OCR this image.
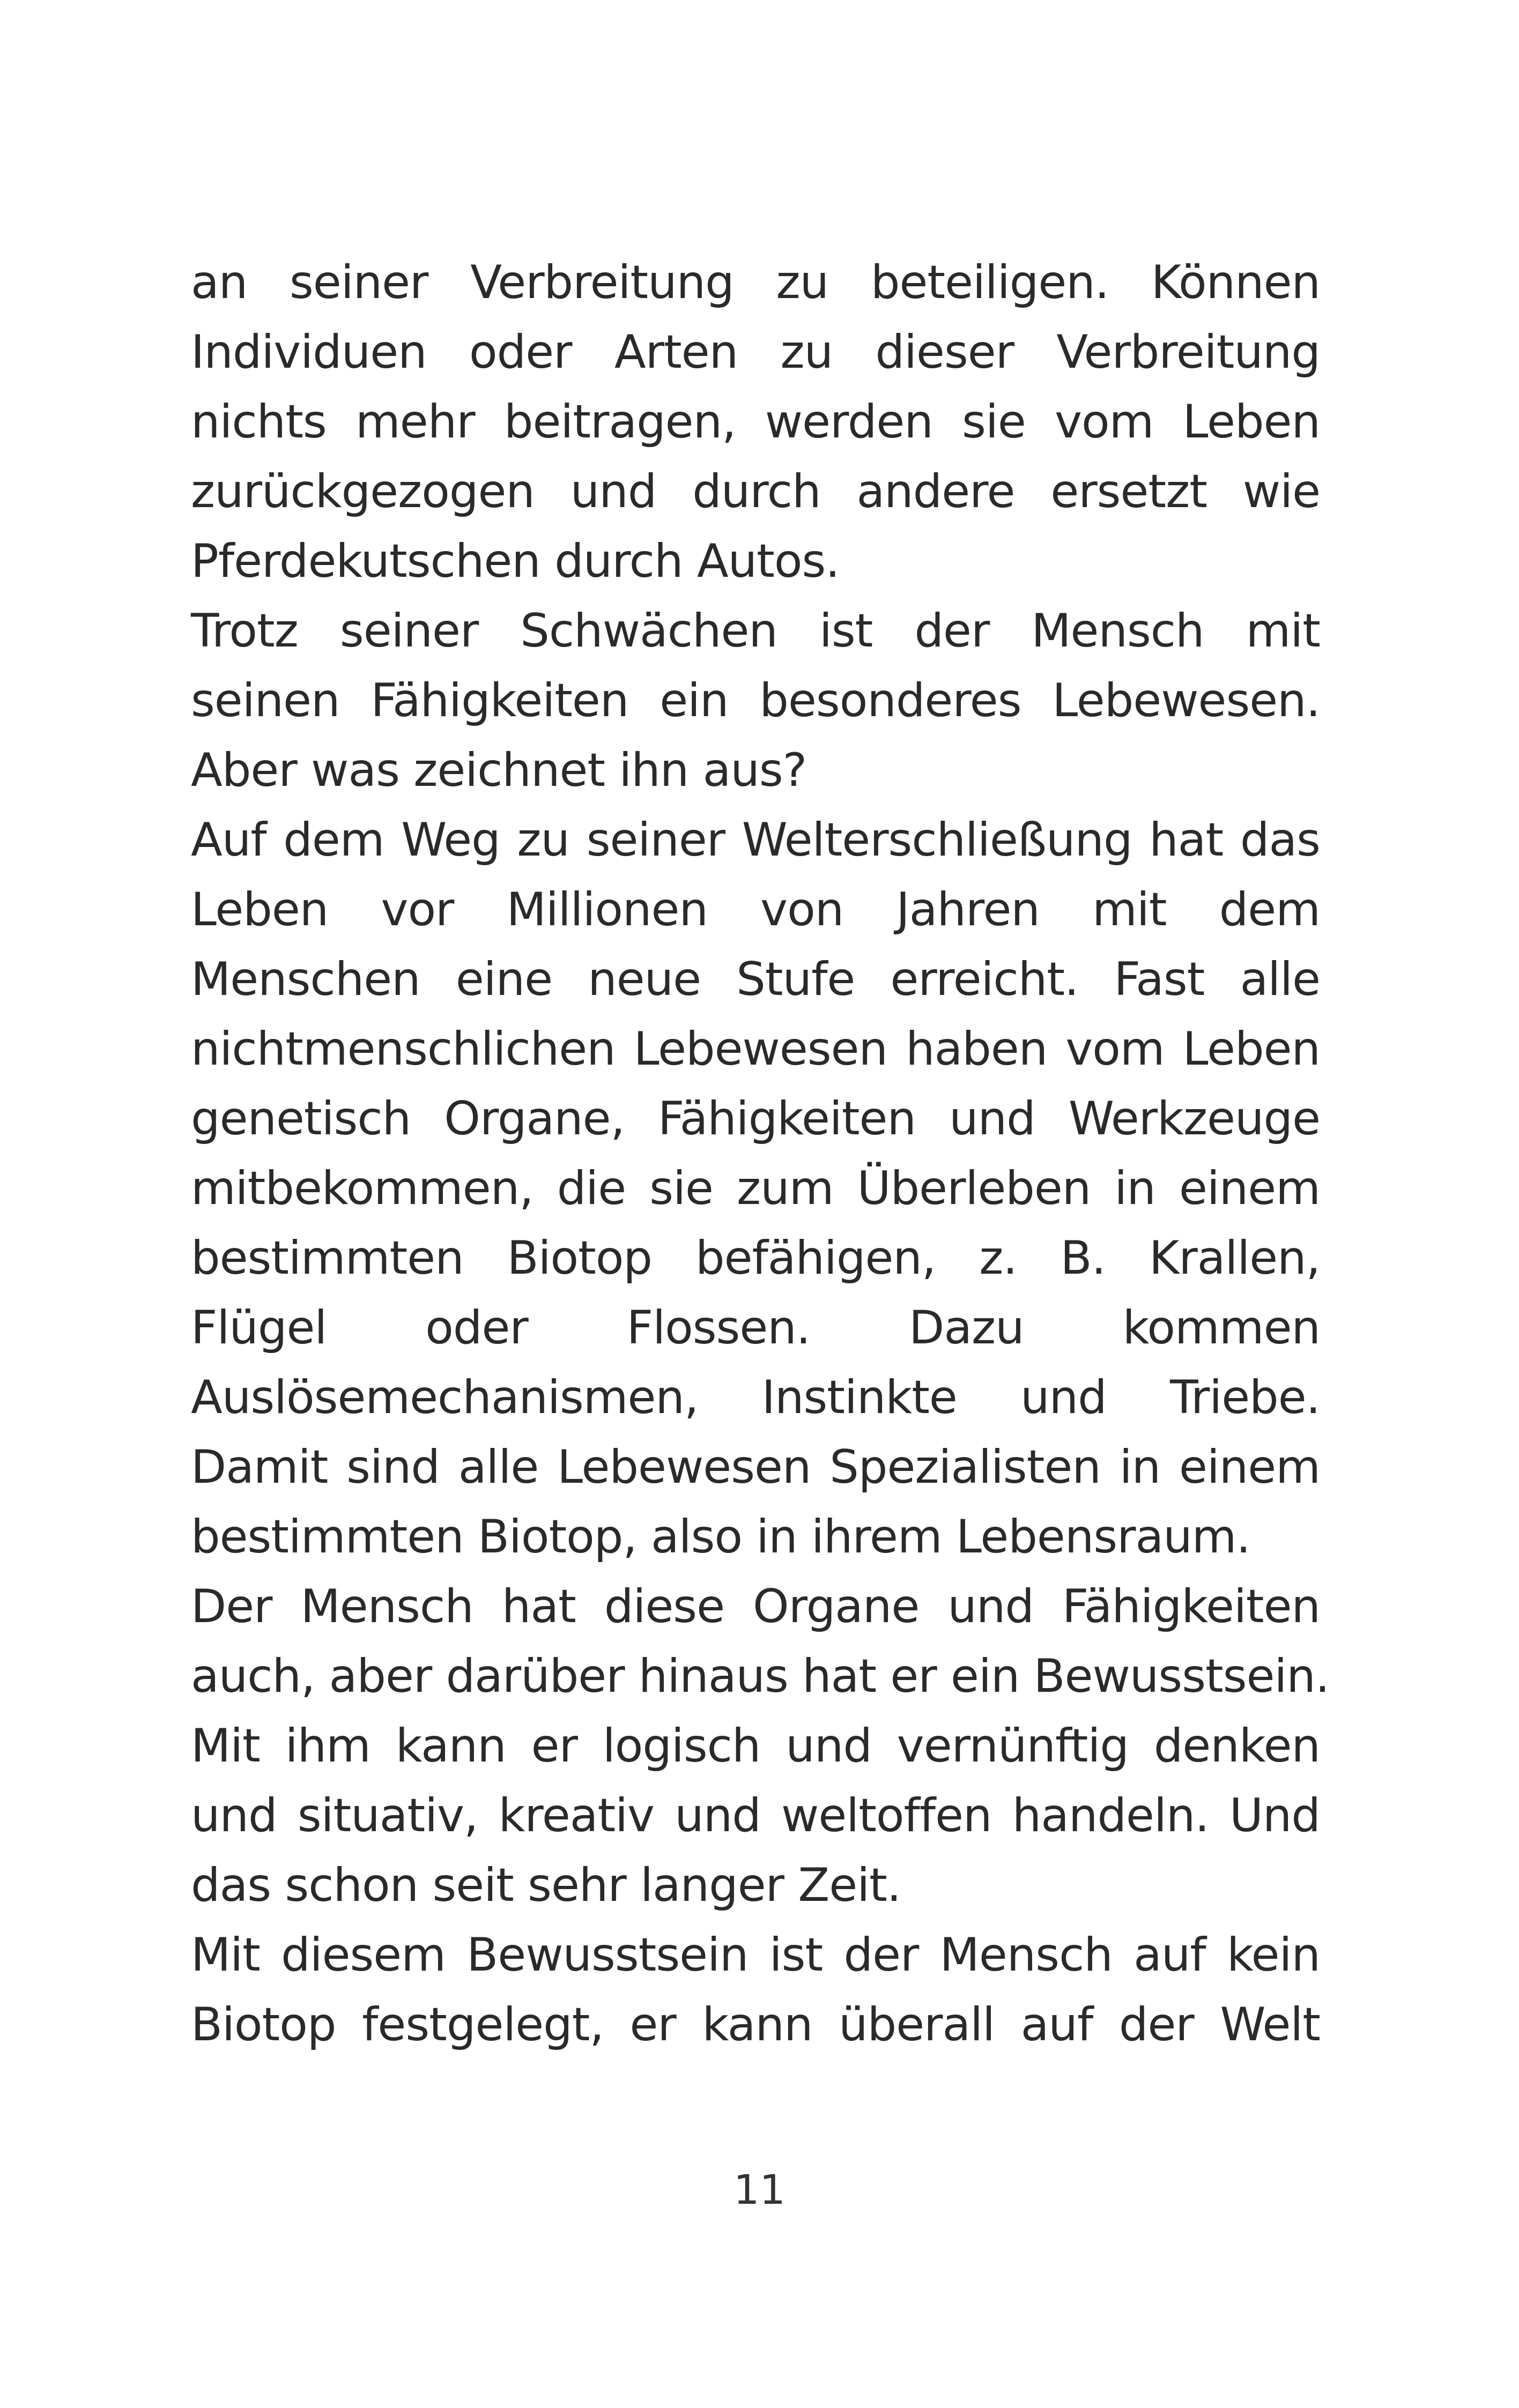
an seiner Verbreitung zu beteiligen. Können
Individuen oder Arten zu dieser Verbreitung
nichts mehr beitragen, werden sie vom Leben
zurückgezogen und durch andere ersetzt wie
Pferdekutschen durch Autos.
Trotz seiner Schwächen ist der Mensch mit
seinen Fähigkeiten ein besonderes Lebewesen.
Aber was zeichnet ihn aus?
Auf dem Weg zu seiner Welterschließung hat das
Leben vor Millionen von Jahren mit dem
Menschen eine neue Stufe erreicht. Fast alle
nichtmenschlichen Lebewesen haben vom Leben
genetisch Organe, Fähigkeiten und Werkzeuge
mitbekommen, die sie zum Überleben in einem
bestimmten Biotop befähigen, z. B. Krallen,
Flügel oder Flossen. Dazu kommen
Auslösemechanismen, Instinkte und Triebe.
Damit sind alle Lebewesen Spezialisten in einem
bestimmten Biotop, also in ihrem Lebensraum.
Der Mensch hat diese Organe und Fähigkeiten
auch, aber darüber hinaus hat er ein Bewusstsein.
Mit ihm kann er logisch und vernünftig denken
und situativ, kreativ und weltoffen handeln. Und
das schon seit sehr langer Zeit.
Mit diesem Bewusstsein ist der Mensch auf kein
Biotop festgelegt, er kann überall auf der Welt
11
